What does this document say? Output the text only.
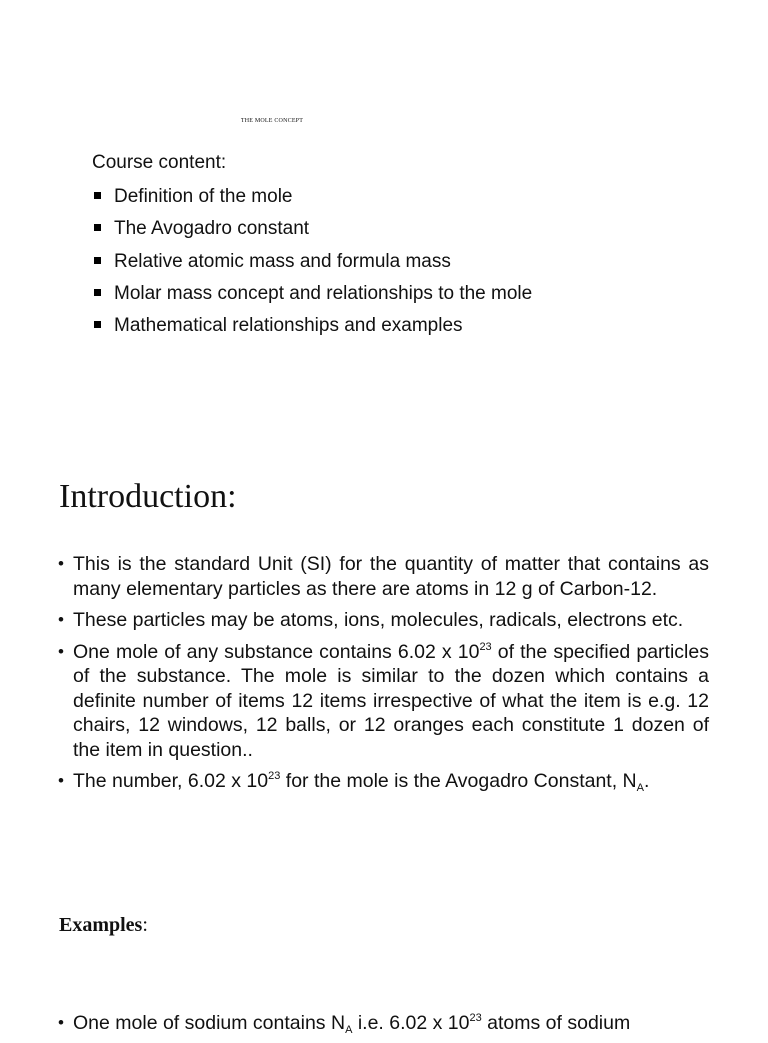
THE MOLE CONCEPT
Course content:
Definition of the mole
The Avogadro constant
Relative atomic mass and formula mass
Molar mass concept and relationships to the mole
Mathematical relationships and examples
Introduction:
• This is the standard Unit (SI) for the quantity of matter that contains as many elementary particles as there are atoms in 12 g of Carbon-12.
• These particles may be atoms, ions, molecules, radicals, electrons etc.
• One mole of any substance contains 6.02 x $10^{23}$ of the specified particles of the substance. The mole is similar to the dozen which contains a definite number of items 12 items irrespective of what the item is e.g. 12 chairs, 12 windows, 12 balls, or 12 oranges each constitute 1 dozen of the item in question..
• The number, 6.02 x $10^{23}$ for the mole is the Avogadro Constant, $N_A$.
Examples:
• One mole of sodium contains $N_A$ i.e. 6.02 x $10^{23}$ atoms of sodium
